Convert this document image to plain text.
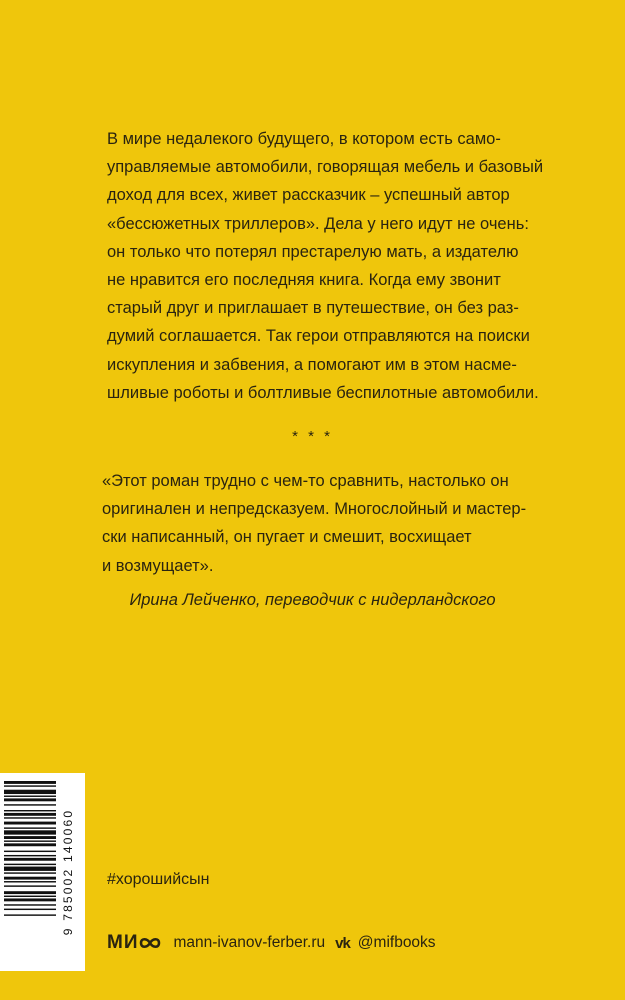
В мире недалекого будущего, в котором есть само-
управляемые автомобили, говорящая мебель и базовый
доход для всех, живет рассказчик – успешный автор
«бессюжетных триллеров». Дела у него идут не очень:
он только что потерял престарелую мать, а издателю
не нравится его последняя книга. Когда ему звонит
старый друг и приглашает в путешествие, он без раз-
думий соглашается. Так герои отправляются на поиски
искупления и забвения, а помогают им в этом насме-
шливые роботы и болтливые беспилотные автомобили.

* * *

«Этот роман трудно с чем-то сравнить, настолько он
оригинален и непредсказуем. Многослойный и мастер-
ски написанный, он пугает и смешит, восхищает
и возмущает».

Ирина Лейченко, переводчик с нидерландского
9 785002 140060 #хорошийсын
МИ mann-ivanov-ferber.ru vk @mifbooks
